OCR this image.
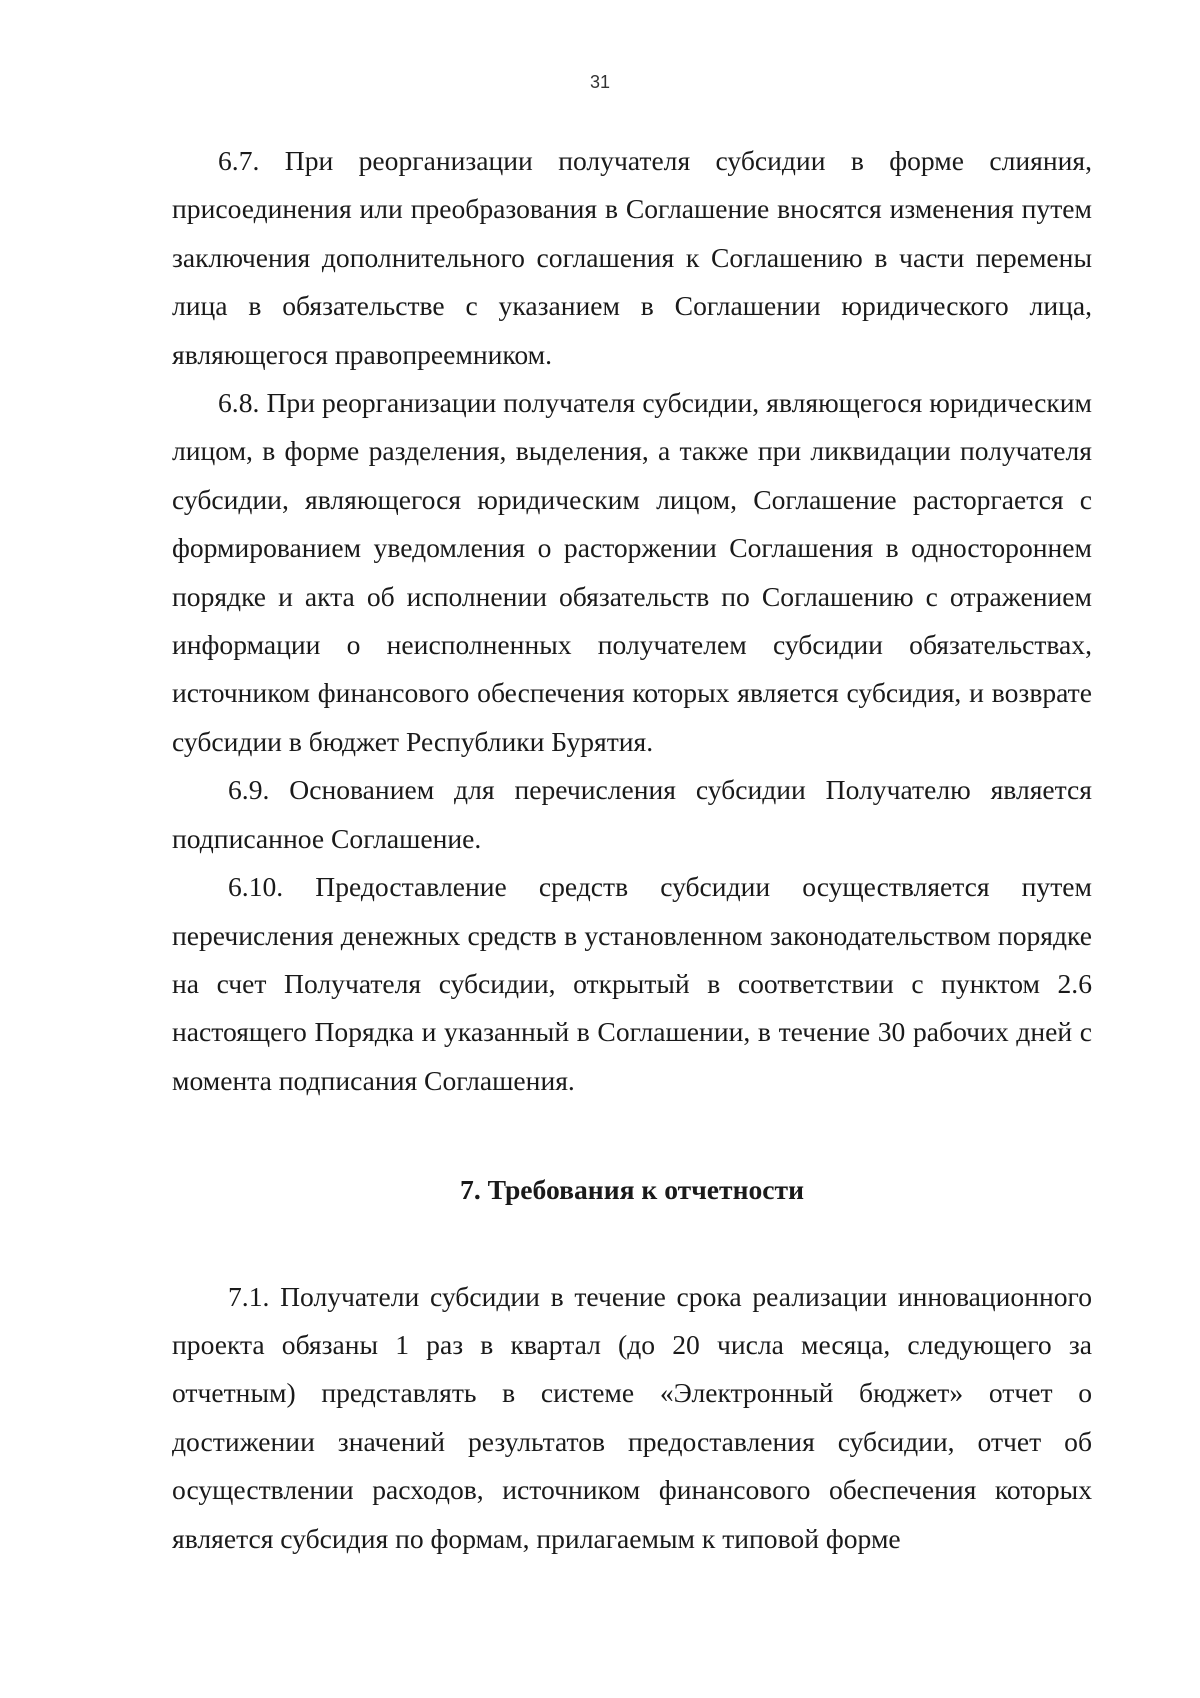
31

6.7. При реорганизации получателя субсидии в форме слияния, присоединения или преобразования в Соглашение вносятся изменения путем заключения дополнительного соглашения к Соглашению в части перемены лица в обязательстве с указанием в Соглашении юридического лица, являющегося правопреемником.

6.8. При реорганизации получателя субсидии, являющегося юридическим лицом, в форме разделения, выделения, а также при ликвидации получателя субсидии, являющегося юридическим лицом, Соглашение расторгается с формированием уведомления о расторжении Соглашения в одностороннем порядке и акта об исполнении обязательств по Соглашению с отражением информации о неисполненных получателем субсидии обязательствах, источником финансового обеспечения которых является субсидия, и возврате субсидии в бюджет Республики Бурятия.

6.9. Основанием для перечисления субсидии Получателю является подписанное Соглашение.

6.10. Предоставление средств субсидии осуществляется путем перечисления денежных средств в установленном законодательством порядке на счет Получателя субсидии, открытый в соответствии с пунктом 2.6 настоящего Порядка и указанный в Соглашении, в течение 30 рабочих дней с момента подписания Соглашения.

7. Требования к отчетности

7.1. Получатели субсидии в течение срока реализации инновационного проекта обязаны 1 раз в квартал (до 20 числа месяца, следующего за отчетным) представлять в системе «Электронный бюджет» отчет о достижении значений результатов предоставления субсидии, отчет об осуществлении расходов, источником финансового обеспечения которых является субсидия по формам, прилагаемым к типовой форме
